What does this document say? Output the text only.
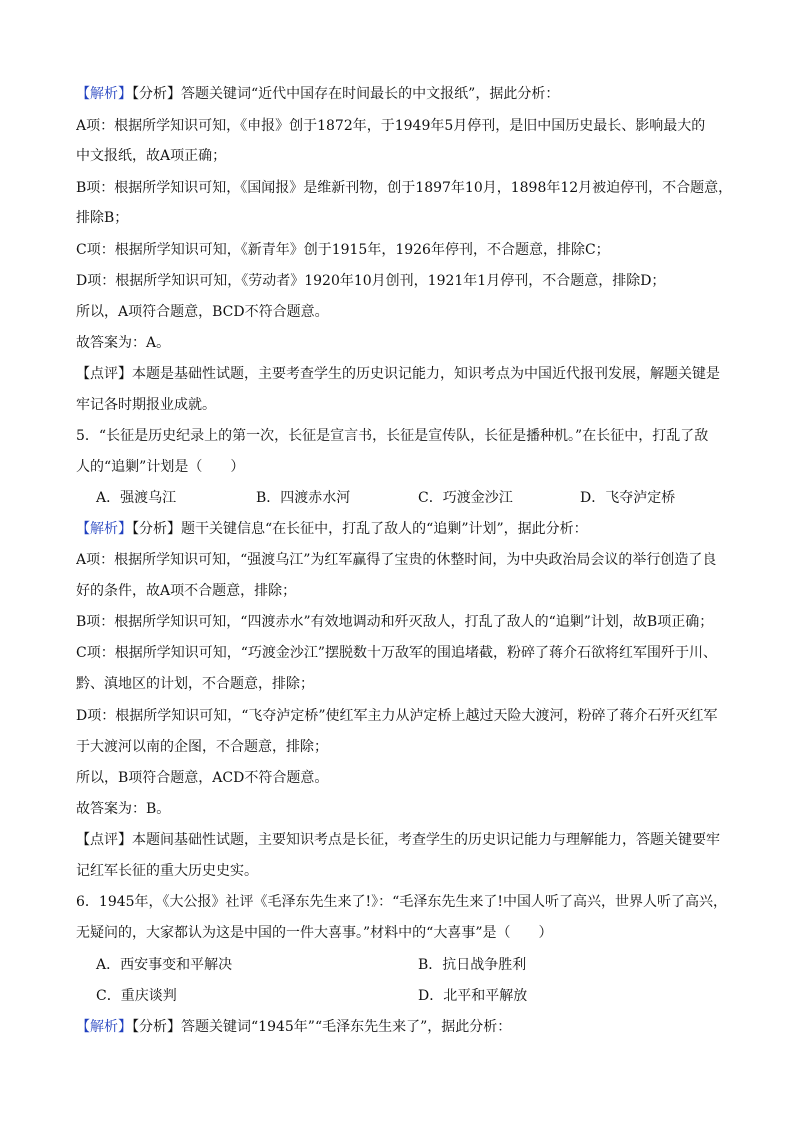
【解析】【分析】答题关键词“近代中国存在时间最长的中文报纸”，据此分析：
A项：根据所学知识可知，《申报》创于1872年，于1949年5月停刊，是旧中国历史最长、影响最大的
中文报纸，故A项正确；
B项：根据所学知识可知，《国闻报》是维新刊物，创于1897年10月，1898年12月被迫停刊，不合题意，
排除B；
C项：根据所学知识可知，《新青年》创于1915年，1926年停刊，不合题意，排除C；
D项：根据所学知识可知，《劳动者》1920年10月创刊，1921年1月停刊，不合题意，排除D；
所以，A项符合题意，BCD不符合题意。
故答案为：A。
【点评】本题是基础性试题，主要考查学生的历史识记能力，知识考点为中国近代报刊发展，解题关键是
牢记各时期报业成就。
5．“长征是历史纪录上的第一次，长征是宣言书，长征是宣传队，长征是播种机。”在长征中，打乱了敌
人的“追剿”计划是（　　）
A．强渡乌江	B．四渡赤水河	C．巧渡金沙江	D．飞夺泸定桥
【解析】【分析】题干关键信息“在长征中，打乱了敌人的“追剿”计划”，据此分析：
A项：根据所学知识可知，“强渡乌江”为红军赢得了宝贵的休整时间，为中央政治局会议的举行创造了良
好的条件，故A项不合题意，排除；
B项：根据所学知识可知，“四渡赤水”有效地调动和歼灭敌人，打乱了敌人的“追剿”计划，故B项正确；
C项：根据所学知识可知，“巧渡金沙江”摆脱数十万敌军的围追堵截，粉碎了蒋介石欲将红军围歼于川、
黔、滇地区的计划，不合题意，排除；
D项：根据所学知识可知，“飞夺泸定桥”使红军主力从泸定桥上越过天险大渡河，粉碎了蒋介石歼灭红军
于大渡河以南的企图，不合题意，排除；
所以，B项符合题意，ACD不符合题意。
故答案为：B。
【点评】本题间基础性试题，主要知识考点是长征，考查学生的历史识记能力与理解能力，答题关键要牢
记红军长征的重大历史史实。
6．1945年，《大公报》社评《毛泽东先生来了!》：“毛泽东先生来了!中国人听了高兴，世界人听了高兴，
无疑问的，大家都认为这是中国的一件大喜事。”材料中的“大喜事”是（　　）
A．西安事变和平解决	B．抗日战争胜利
C．重庆谈判	D．北平和平解放
【解析】【分析】答题关键词“1945年”“毛泽东先生来了”，据此分析：
